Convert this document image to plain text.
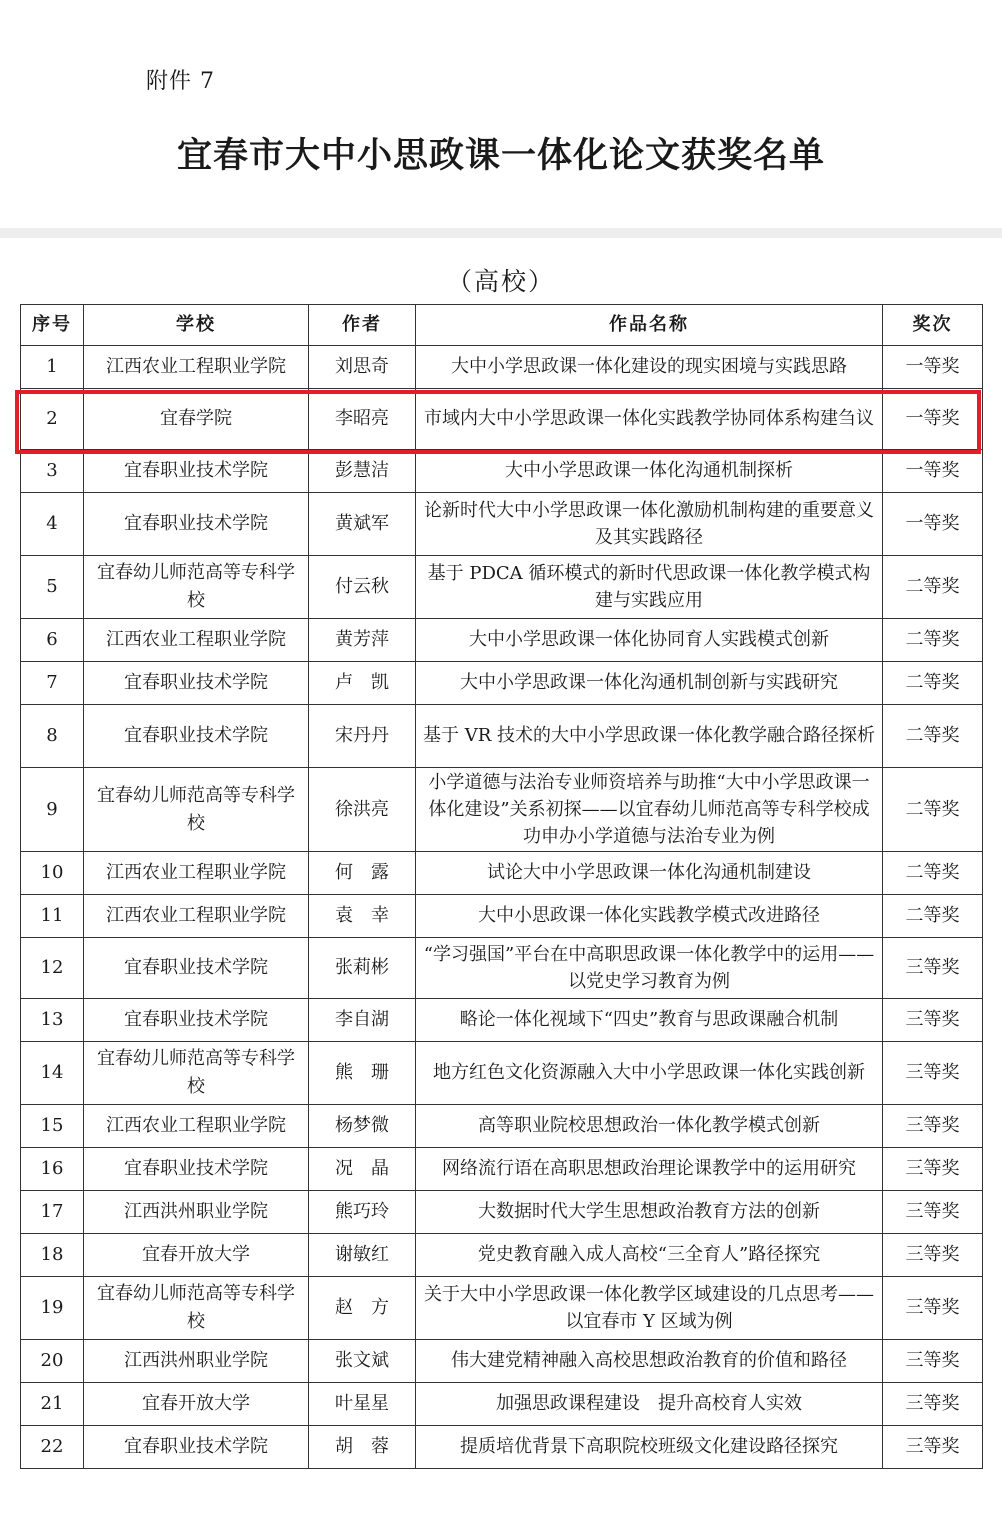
附件 7
宜春市大中小思政课一体化论文获奖名单
（高校）
序号	学校	作者	作品名称	奖次
1	江西农业工程职业学院	刘思奇	大中小学思政课一体化建设的现实困境与实践思路	一等奖
2	宜春学院	李昭亮	市域内大中小学思政课一体化实践教学协同体系构建刍议	一等奖
3	宜春职业技术学院	彭慧洁	大中小学思政课一体化沟通机制探析	一等奖
4	宜春职业技术学院	黄斌军	论新时代大中小学思政课一体化激励机制构建的重要意义及其实践路径	一等奖
5	宜春幼儿师范高等专科学校	付云秋	基于 PDCA 循环模式的新时代思政课一体化教学模式构建与实践应用	二等奖
6	江西农业工程职业学院	黄芳萍	大中小学思政课一体化协同育人实践模式创新	二等奖
7	宜春职业技术学院	卢　凯	大中小学思政课一体化沟通机制创新与实践研究	二等奖
8	宜春职业技术学院	宋丹丹	基于 VR 技术的大中小学思政课一体化教学融合路径探析	二等奖
9	宜春幼儿师范高等专科学校	徐洪亮	小学道德与法治专业师资培养与助推“大中小学思政课一体化建设”关系初探——以宜春幼儿师范高等专科学校成功申办小学道德与法治专业为例	二等奖
10	江西农业工程职业学院	何　露	试论大中小学思政课一体化沟通机制建设	二等奖
11	江西农业工程职业学院	袁　幸	大中小思政课一体化实践教学模式改进路径	二等奖
12	宜春职业技术学院	张莉彬	“学习强国”平台在中高职思政课一体化教学中的运用——以党史学习教育为例	三等奖
13	宜春职业技术学院	李自湖	略论一体化视域下“四史”教育与思政课融合机制	三等奖
14	宜春幼儿师范高等专科学校	熊　珊	地方红色文化资源融入大中小学思政课一体化实践创新	三等奖
15	江西农业工程职业学院	杨梦微	高等职业院校思想政治一体化教学模式创新	三等奖
16	宜春职业技术学院	况　晶	网络流行语在高职思想政治理论课教学中的运用研究	三等奖
17	江西洪州职业学院	熊巧玲	大数据时代大学生思想政治教育方法的创新	三等奖
18	宜春开放大学	谢敏红	党史教育融入成人高校“三全育人”路径探究	三等奖
19	宜春幼儿师范高等专科学校	赵　方	关于大中小学思政课一体化教学区域建设的几点思考——以宜春市 Y 区域为例	三等奖
20	江西洪州职业学院	张文斌	伟大建党精神融入高校思想政治教育的价值和路径	三等奖
21	宜春开放大学	叶星星	加强思政课程建设　提升高校育人实效	三等奖
22	宜春职业技术学院	胡　蓉	提质培优背景下高职院校班级文化建设路径探究	三等奖
